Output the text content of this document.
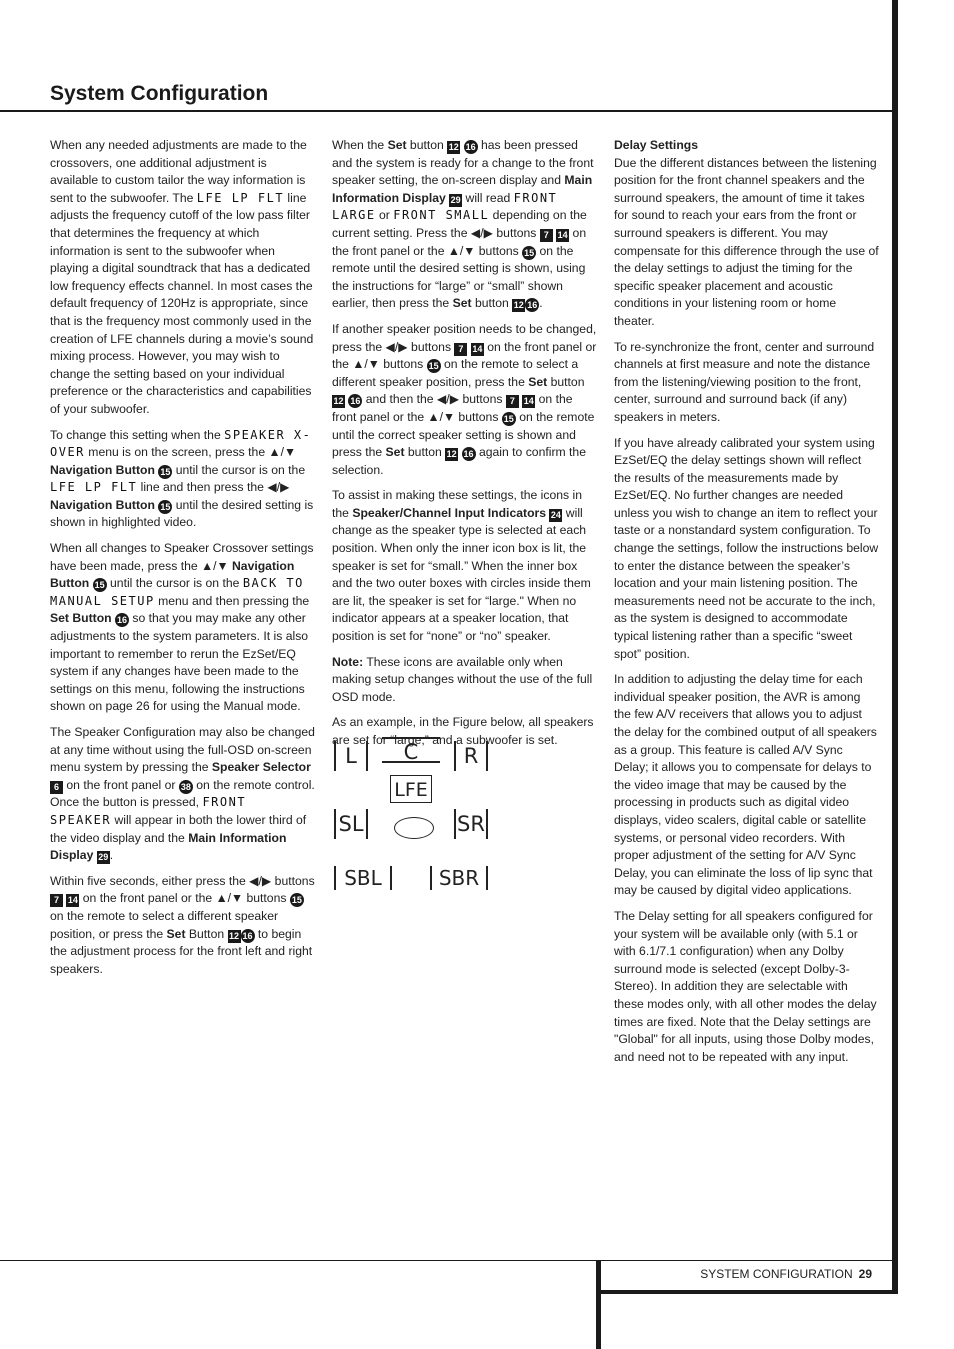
System Configuration

When any needed adjustments are made to the crossovers, one additional adjustment is available to custom tailor the way information is sent to the subwoofer. The LFE LP FLT line adjusts the frequency cutoff of the low pass filter that determines the frequency at which information is sent to the subwoofer when playing a digital soundtrack that has a dedicated low frequency effects channel. In most cases the default frequency of 120Hz is appropriate, since that is the frequency most commonly used in the creation of LFE channels during a movie’s sound mixing process. However, you may wish to change the setting based on your individual preference or the characteristics and capabilities of your subwoofer.

To change this setting when the SPEAKER X-OVER menu is on the screen, press the ▲/▼ Navigation Button 15 until the cursor is on the LFE LP FLT line and then press the ◀/▶ Navigation Button 15 until the desired setting is shown in highlighted video.

When all changes to Speaker Crossover settings have been made, press the ▲/▼ Navigation Button 15 until the cursor is on the BACK TO MANUAL SETUP menu and then pressing the Set Button 16 so that you may make any other adjustments to the system parameters. It is also important to remember to rerun the EzSet/EQ system if any changes have been made to the settings on this menu, following the instructions shown on page 26 for using the Manual mode.

The Speaker Configuration may also be changed at any time without using the full-OSD on-screen menu system by pressing the Speaker Selector 6 on the front panel or 38 on the remote control. Once the button is pressed, FRONT SPEAKER will appear in both the lower third of the video display and the Main Information Display 29 .

Within five seconds, either press the ◀/▶ buttons 7 14 on the front panel or the ▲/▼ buttons 15 on the remote to select a different speaker position, or press the Set Button 12 16 to begin the adjustment process for the front left and right speakers.

When the Set button 12 16 has been pressed and the system is ready for a change to the front speaker setting, the on-screen display and Main Information Display 29 will read FRONT LARGE or FRONT SMALL depending on the current setting. Press the ◀/▶ buttons 7 14 on the front panel or the ▲/▼ buttons 15 on the remote until the desired setting is shown, using the instructions for “large” or “small” shown earlier, then press the Set button 12 16 .

If another speaker position needs to be changed, press the ◀/▶ buttons 7 14 on the front panel or the ▲/▼ buttons 15 on the remote to select a different speaker position, press the Set button 12 16 and then the ◀/▶ buttons 7 14 on the front panel or the ▲/▼ buttons 15 on the remote until the correct speaker setting is shown and press the Set button 12 16 again to confirm the selection.

To assist in making these settings, the icons in the Speaker/Channel Input Indicators 24 will change as the speaker type is selected at each position. When only the inner icon box is lit, the speaker is set for “small.” When the inner box and the two outer boxes with circles inside them are lit, the speaker is set for “large." When no indicator appears at a speaker location, that position is set for “none” or “no” speaker.

Note: These icons are available only when making setup changes without the use of the full OSD mode.

As an example, in the Figure below, all speakers are set for “large,” and a subwoofer is set.

L	C	R
LFE
SL	SR
SBL	SBR

Delay Settings

Due the different distances between the listening position for the front channel speakers and the surround speakers, the amount of time it takes for sound to reach your ears from the front or surround speakers is different. You may compensate for this difference through the use of the delay settings to adjust the timing for the specific speaker placement and acoustic conditions in your listening room or home theater.

To re-synchronize the front, center and surround channels at first measure and note the distance from the listening/viewing position to the front, center, surround and surround back (if any) speakers in meters.

If you have already calibrated your system using EzSet/EQ the delay settings shown will reflect the results of the measurements made by EzSet/EQ. No further changes are needed unless you wish to change an item to reflect your taste or a nonstandard system configuration. To change the settings, follow the instructions below to enter the distance between the speaker’s location and your main listening position. The measurements need not be accurate to the inch, as the system is designed to accommodate typical listening rather than a specific “sweet spot” position.

In addition to adjusting the delay time for each individual speaker position, the AVR is among the few A/V receivers that allows you to adjust the delay for the combined output of all speakers as a group. This feature is called A/V Sync Delay; it allows you to compensate for delays to the video image that may be caused by the processing in products such as digital video displays, video scalers, digital cable or satellite systems, or personal video recorders. With proper adjustment of the setting for A/V Sync Delay, you can eliminate the loss of lip sync that may be caused by digital video applications.

The Delay setting for all speakers configured for your system will be available only (with 5.1 or with 6.1/7.1 configuration) when any Dolby surround mode is selected (except Dolby-3-Stereo). In addition they are selectable with these modes only, with all other modes the delay times are fixed. Note that the Delay settings are "Global" for all inputs, using those Dolby modes, and need not to be repeated with any input.

SYSTEM CONFIGURATION 29
